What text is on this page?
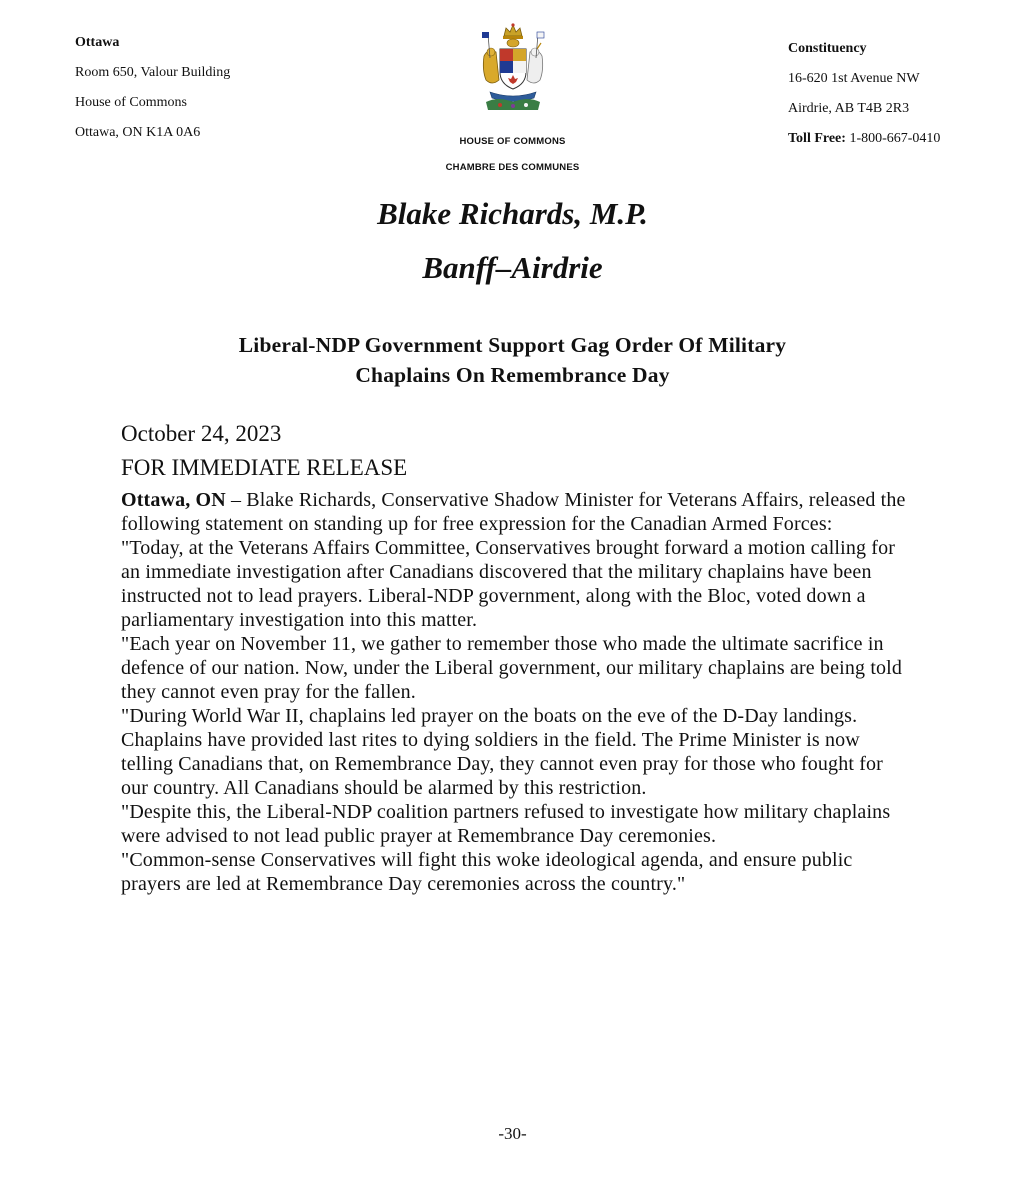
Ottawa
Room 650, Valour Building
House of Commons
Ottawa, ON K1A 0A6
HOUSE OF COMMONS
CHAMBRE DES COMMUNES
Constituency
16-620 1st Avenue NW
Airdrie, AB T4B 2R3
Toll Free: 1-800-667-0410
Blake Richards, M.P.
Banff–Airdrie
Liberal-NDP Government Support Gag Order Of Military
Chaplains On Remembrance Day
October 24, 2023
FOR IMMEDIATE RELEASE

Ottawa, ON – Blake Richards, Conservative Shadow Minister for Veterans Affairs, released the following statement on standing up for free expression for the Canadian Armed Forces:

"Today, at the Veterans Affairs Committee, Conservatives brought forward a motion calling for an immediate investigation after Canadians discovered that the military chaplains have been instructed not to lead prayers. Liberal-NDP government, along with the Bloc, voted down a parliamentary investigation into this matter.

"Each year on November 11, we gather to remember those who made the ultimate sacrifice in defence of our nation. Now, under the Liberal government, our military chaplains are being told they cannot even pray for the fallen.

"During World War II, chaplains led prayer on the boats on the eve of the D-Day landings. Chaplains have provided last rites to dying soldiers in the field. The Prime Minister is now telling Canadians that, on Remembrance Day, they cannot even pray for those who fought for our country. All Canadians should be alarmed by this restriction.

"Despite this, the Liberal-NDP coalition partners refused to investigate how military chaplains were advised to not lead public prayer at Remembrance Day ceremonies.

"Common-sense Conservatives will fight this woke ideological agenda, and ensure public prayers are led at Remembrance Day ceremonies across the country."

-30-
